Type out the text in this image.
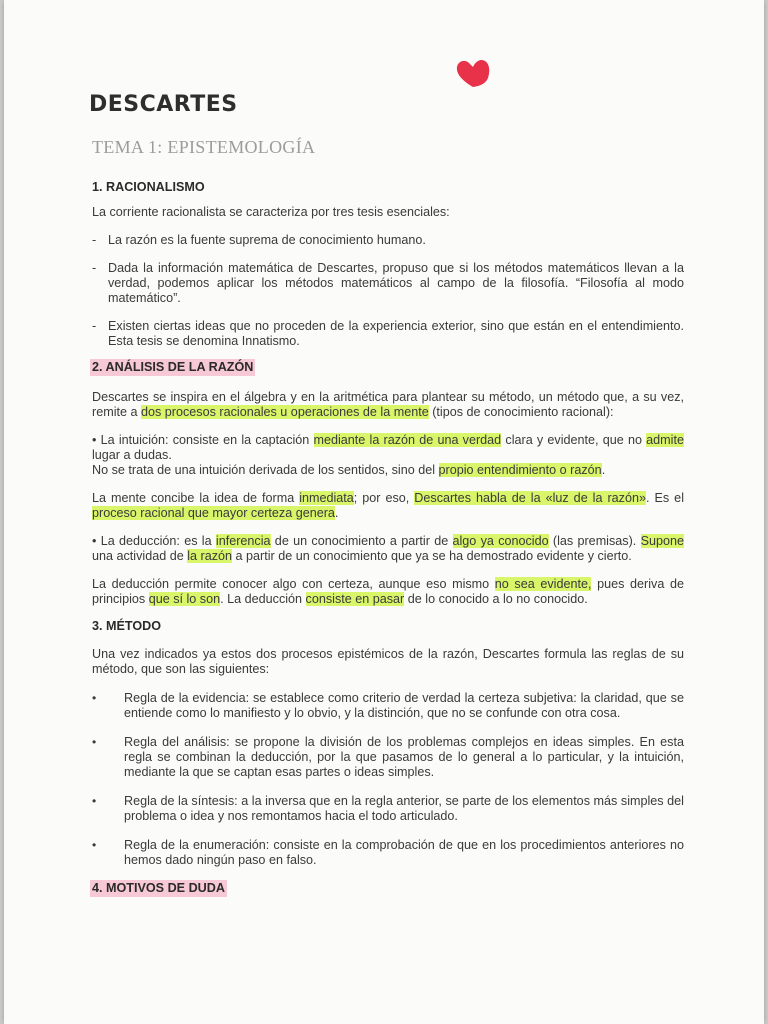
DESCARTES
TEMA 1: EPISTEMOLOGÍA
1. RACIONALISMO

La corriente racionalista se caracteriza por tres tesis esenciales:

- La razón es la fuente suprema de conocimiento humano.
- Dada la información matemática de Descartes, propuso que si los métodos matemáticos llevan a la verdad, podemos aplicar los métodos matemáticos al campo de la filosofía. “Filosofía al modo matemático”.
- Existen ciertas ideas que no proceden de la experiencia exterior, sino que están en el entendimiento. Esta tesis se denomina Innatismo.
2. ANÁLISIS DE LA RAZÓN

Descartes se inspira en el álgebra y en la aritmética para plantear su método, un método que, a su vez, remite a dos procesos racionales u operaciones de la mente (tipos de conocimiento racional):

• La intuición: consiste en la captación mediante la razón de una verdad clara y evidente, que no admite lugar a dudas.

No se trata de una intuición derivada de los sentidos, sino del propio entendimiento o razón.

La mente concibe la idea de forma inmediata; por eso, Descartes habla de la «luz de la razón». Es el proceso racional que mayor certeza genera.

• La deducción: es la inferencia de un conocimiento a partir de algo ya conocido (las premisas). Supone una actividad de la razón a partir de un conocimiento que ya se ha demostrado evidente y cierto.

La deducción permite conocer algo con certeza, aunque eso mismo no sea evidente, pues deriva de principios que sí lo son. La deducción consiste en pasar de lo conocido a lo no conocido.

3. MÉTODO

Una vez indicados ya estos dos procesos epistémicos de la razón, Descartes formula las reglas de su método, que son las siguientes:

• Regla de la evidencia: se establece como criterio de verdad la certeza subjetiva: la claridad, que se entiende como lo manifiesto y lo obvio, y la distinción, que no se confunde con otra cosa.
• Regla del análisis: se propone la división de los problemas complejos en ideas simples. En esta regla se combinan la deducción, por la que pasamos de lo general a lo particular, y la intuición, mediante la que se captan esas partes o ideas simples.
• Regla de la síntesis: a la inversa que en la regla anterior, se parte de los elementos más simples del problema o idea y nos remontamos hacia el todo articulado.
• Regla de la enumeración: consiste en la comprobación de que en los procedimientos anteriores no hemos dado ningún paso en falso.
4. MOTIVOS DE DUDA
